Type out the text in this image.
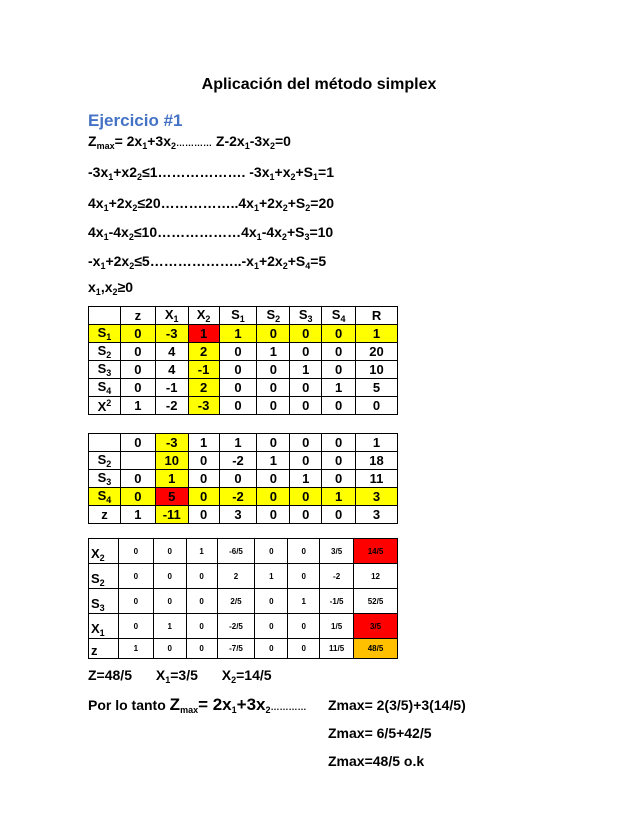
Aplicación del método simplex
Ejercicio #1
$Z_{max}=$ $2x_1+3x_2\dots\dots\dots\dots$ $Z-2x_1-3x_2=0$
$-3x_1+x2_2\le 1\dots\dots\dots\dots\dots\dots$. $-3x_1+x_2+S_1=1$
$4x_1+2x_2\le 20\dots\dots\dots\dots\dots..4x_1+2x_2+S_2=20$
$4x_1-4x_2\le 10\dots\dots\dots\dots\dots\dots 4x_1-4x_2+S_3=10$
$-x_1+2x_2\le 5\dots\dots\dots\dots\dots\dots..-x_1+2x_2+S_4=5$
$x_1,x_2\ge 0$
	z	$X_1$	$X_2$	$S_1$	$S_2$	$S_3$	$S_4$	R
$S_1$	0	-3	1	1	0	0	0	1
$S_2$	0	4	2	0	1	0	0	20
$S_3$	0	4	-1	0	0	1	0	10
$S_4$	0	-1	2	0	0	0	1	5
$X^2$	1	-2	-3	0	0	0	0	0
	0	-3	1	1	0	0	0	1
$S_2$		10	0	-2	1	0	0	18
$S_3$	0	1	0	0	0	1	0	11
$S_4$	0	5	0	-2	0	0	1	3
z	1	-11	0	3	0	0	0	3
$X_2$	0	0	1	-6/5	0	0	3/5	14/5
$S_2$	0	0	0	2	1	0	-2	12
$S_3$	0	0	0	2/5	0	1	-1/5	52/5
$X_1$	0	1	0	-2/5	0	0	1/5	3/5
z	1	0	0	-7/5	0	0	11/5	48/5
Z=48/5 $X_1=3/5$ $X_2=14/5$
Por lo tanto $Z_{max}=$ $2x_1+3x_2\dots\dots\dots\dots$ Zmax= 2(3/5)+3(14/5)
Zmax= 6/5+42/5
Zmax=48/5 o.k
